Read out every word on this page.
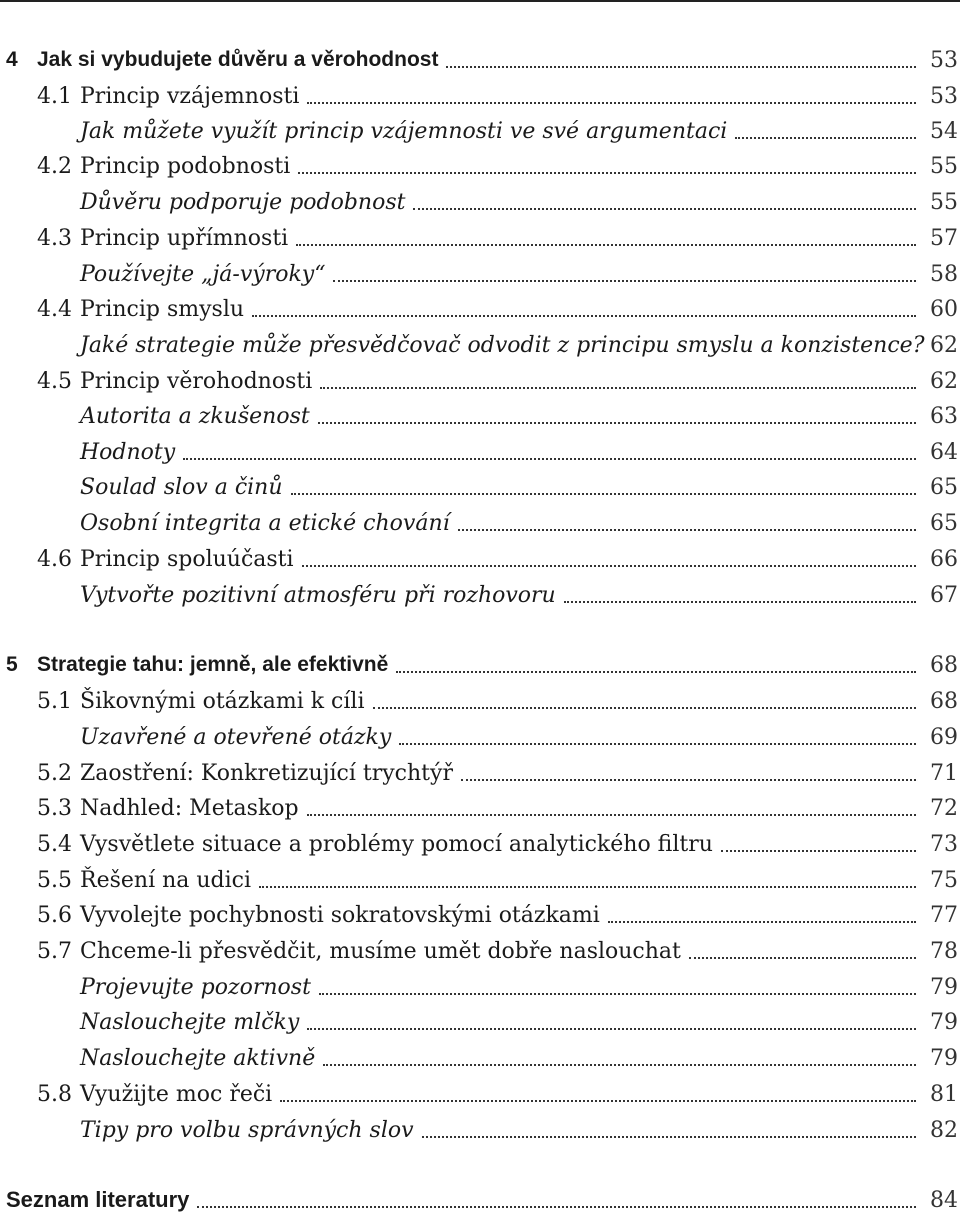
4 Jak si vybudujete důvěru a věrohodnost	53
4.1 Princip vzájemnosti	53
Jak můžete využít princip vzájemnosti ve své argumentaci	54
4.2 Princip podobnosti	55
Důvěru podporuje podobnost	55
4.3 Princip upřímnosti	57
Používejte „já-výroky“	58
4.4 Princip smyslu	60
Jaké strategie může přesvědčovač odvodit z principu smyslu a konzistence? 62
4.5 Princip věrohodnosti	62
Autorita a zkušenost	63
Hodnoty	64
Soulad slov a činů	65
Osobní integrita a etické chování	65
4.6 Princip spoluúčasti	66
Vytvořte pozitivní atmosféru při rozhovoru	67
5 Strategie tahu: jemně, ale efektivně	68
5.1 Šikovnými otázkami k cíli	68
Uzavřené a otevřené otázky	69
5.2 Zaostření: Konkretizující trychtýř	71
5.3 Nadhled: Metaskop	72
5.4 Vysvětlete situace a problémy pomocí analytického filtru	73
5.5 Řešení na udici	75
5.6 Vyvolejte pochybnosti sokratovskými otázkami	77
5.7 Chceme-li přesvědčit, musíme umět dobře naslouchat	78
Projevujte pozornost	79
Naslouchejte mlčky	79
Naslouchejte aktivně	79
5.8 Využijte moc řeči	81
Tipy pro volbu správných slov	82
Seznam literatury	84
